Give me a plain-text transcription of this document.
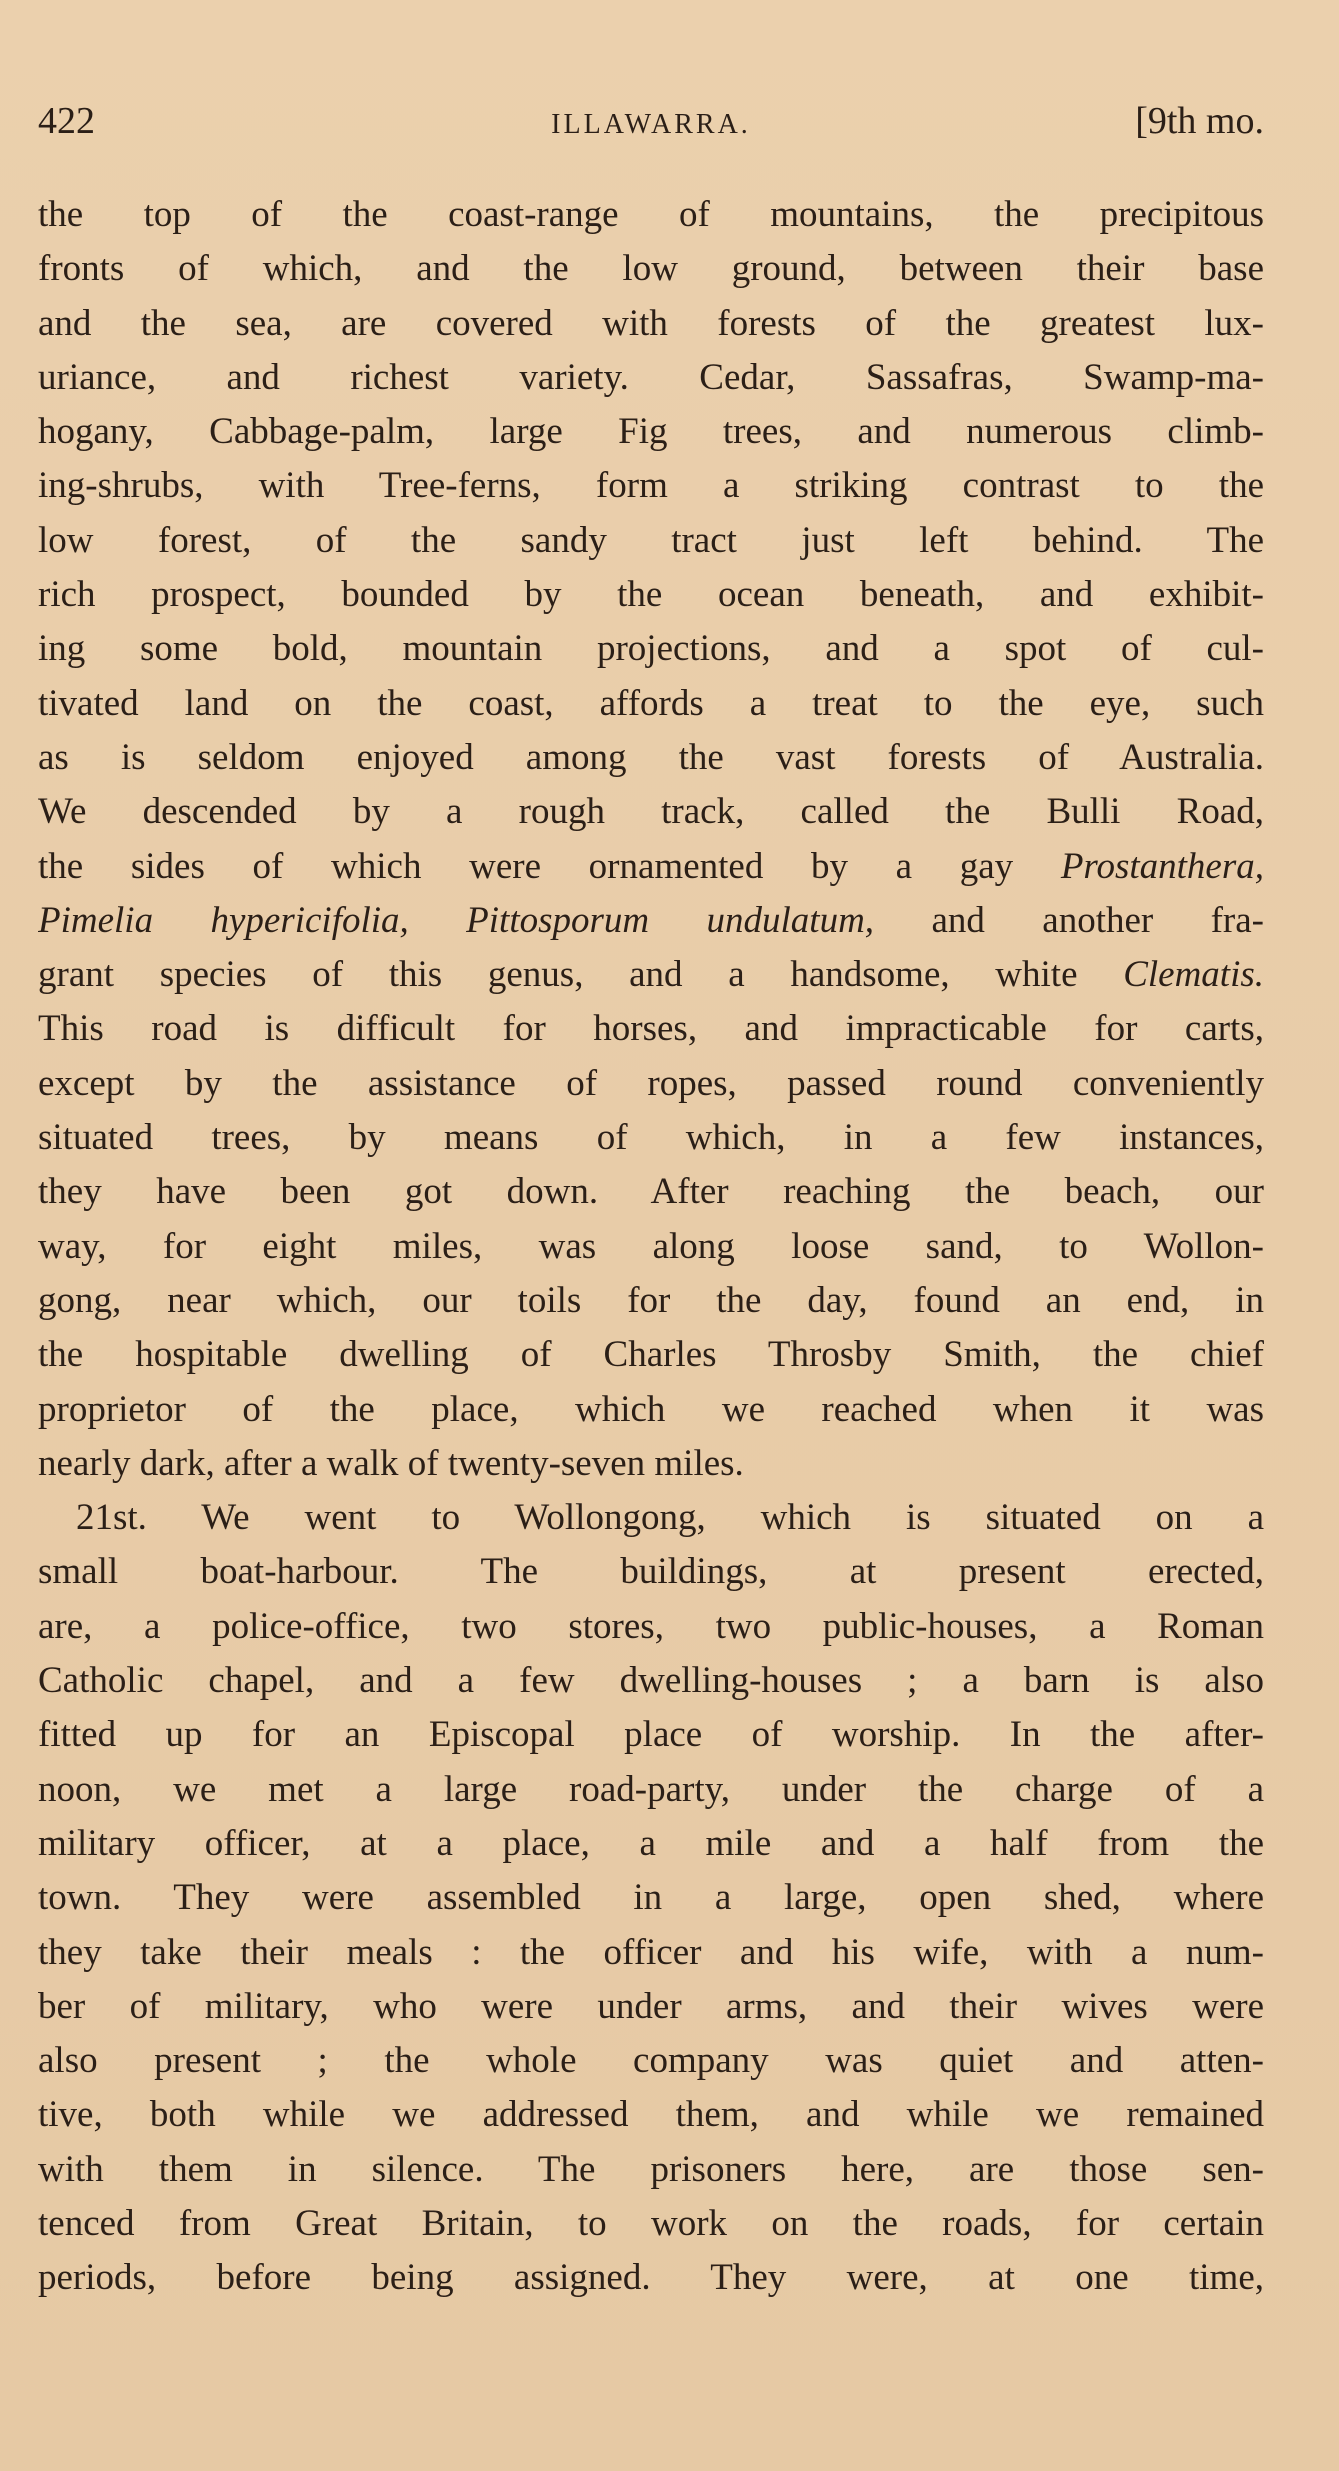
422	ILLAWARRA.	[9th mo.
the top of the coast-range of mountains, the precipitous
fronts of which, and the low ground, between their base
and the sea, are covered with forests of the greatest lux-
uriance, and richest variety. Cedar, Sassafras, Swamp-ma-
hogany, Cabbage-palm, large Fig trees, and numerous climb-
ing-shrubs, with Tree-ferns, form a striking contrast to the
low forest, of the sandy tract just left behind. The
rich prospect, bounded by the ocean beneath, and exhibit-
ing some bold, mountain projections, and a spot of cul-
tivated land on the coast, affords a treat to the eye, such
as is seldom enjoyed among the vast forests of Australia.
We descended by a rough track, called the Bulli Road,
the sides of which were ornamented by a gay Prostanthera,
Pimelia hypericifolia, Pittosporum undulatum, and another fra-
grant species of this genus, and a handsome, white Clematis.
This road is difficult for horses, and impracticable for carts,
except by the assistance of ropes, passed round conveniently
situated trees, by means of which, in a few instances,
they have been got down. After reaching the beach, our
way, for eight miles, was along loose sand, to Wollon-
gong, near which, our toils for the day, found an end, in
the hospitable dwelling of Charles Throsby Smith, the chief
proprietor of the place, which we reached when it was
nearly dark, after a walk of twenty-seven miles.
21st. We went to Wollongong, which is situated on a
small boat-harbour. The buildings, at present erected,
are, a police-office, two stores, two public-houses, a Roman
Catholic chapel, and a few dwelling-houses ; a barn is also
fitted up for an Episcopal place of worship. In the after-
noon, we met a large road-party, under the charge of a
military officer, at a place, a mile and a half from the
town. They were assembled in a large, open shed, where
they take their meals : the officer and his wife, with a num-
ber of military, who were under arms, and their wives were
also present ; the whole company was quiet and atten-
tive, both while we addressed them, and while we remained
with them in silence. The prisoners here, are those sen-
tenced from Great Britain, to work on the roads, for certain
periods, before being assigned. They were, at one time,
